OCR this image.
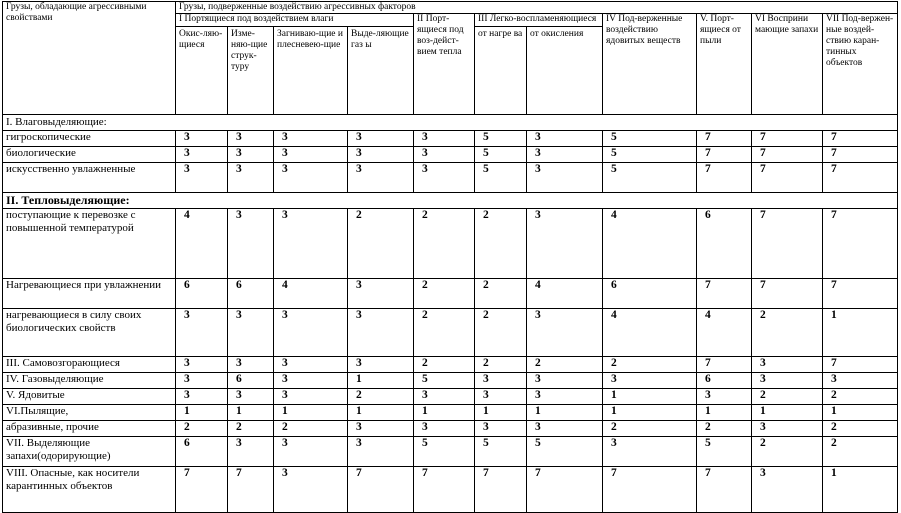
Грузы, обладающие агрессивными свойствами	Грузы, подверженные воздействию агрессивных факторов										
	I Портящиеся под воздействием влаги				II Порт-ящиеся под воз-дейст-вием тепла	III Легко-воспламеняющиеся		IV Под-верженные воздействию ядовитых веществ	V. Порт-ящиеся от пыли	VI Восприни мающие запахи	VII Под-вержен-ные воздей-ствию каран-тинных объектов
	Окис-ляю-щиеся	Изме-няю-щие струк-туру	Загниваю-щие и плесневею-щие	Выде-ляющие газ ы		от нагре ва	от окисления				
I. Влаговыделяющие:											
гигроскопические	3	3	3	3	3	5	3	5	7	7	7
биологические	3	3	3	3	3	5	3	5	7	7	7
искусственно увлажненные	3	3	3	3	3	5	3	5	7	7	7
II. Тепловыделяющие:											
поступающие к перевозке с повышенной температурой	4	3	3	2	2	2	3	4	6	7	7
Нагревающиеся при увлажнении	6	6	4	3	2	2	4	6	7	7	7
нагревающиеся в силу своих биологических свойств	3	3	3	3	2	2	3	4	4	2	1
III. Самовозгорающиеся	3	3	3	3	2	2	2	2	7	3	7
IV. Газовыделяющие	3	6	3	1	5	3	3	3	6	3	3
V. Ядовитые	3	3	3	2	3	3	3	1	3	2	2
VI.Пылящие,	1	1	1	1	1	1	1	1	1	1	1
абразивные, прочие	2	2	2	3	3	3	3	2	2	3	2
VII. Выделяющие запахи(одорирующие)	6	3	3	3	5	5	5	3	5	2	2
VIII. Опасные, как носители карантинных объектов	7	7	3	7	7	7	7	7	7	3	1
